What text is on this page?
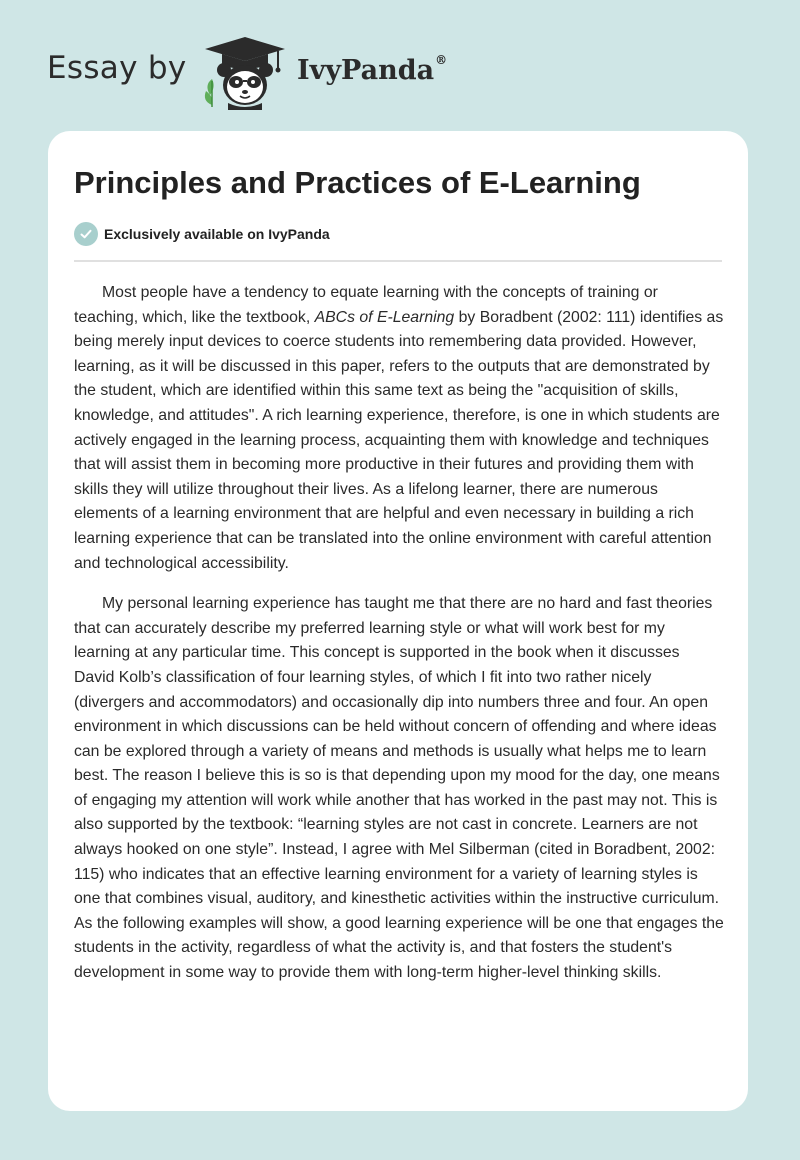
Essay by	IvyPanda®
Principles and Practices of E-Learning
Exclusively available on IvyPanda

Most people have a tendency to equate learning with the concepts of training or teaching, which, like the textbook, ABCs of E-Learning by Boradbent (2002: 111) identifies as being merely input devices to coerce students into remembering data provided. However, learning, as it will be discussed in this paper, refers to the outputs that are demonstrated by the student, which are identified within this same text as being the "acquisition of skills, knowledge, and attitudes". A rich learning experience, therefore, is one in which students are actively engaged in the learning process, acquainting them with knowledge and techniques that will assist them in becoming more productive in their futures and providing them with skills they will utilize throughout their lives. As a lifelong learner, there are numerous elements of a learning environment that are helpful and even necessary in building a rich learning experience that can be translated into the online environment with careful attention and technological accessibility.

My personal learning experience has taught me that there are no hard and fast theories that can accurately describe my preferred learning style or what will work best for my learning at any particular time. This concept is supported in the book when it discusses David Kolb’s classification of four learning styles, of which I fit into two rather nicely (divergers and accommodators) and occasionally dip into numbers three and four. An open environment in which discussions can be held without concern of offending and where ideas can be explored through a variety of means and methods is usually what helps me to learn best. The reason I believe this is so is that depending upon my mood for the day, one means of engaging my attention will work while another that has worked in the past may not. This is also supported by the textbook: “learning styles are not cast in concrete. Learners are not always hooked on one style”. Instead, I agree with Mel Silberman (cited in Boradbent, 2002: 115) who indicates that an effective learning environment for a variety of learning styles is one that combines visual, auditory, and kinesthetic activities within the instructive curriculum. As the following examples will show, a good learning experience will be one that engages the students in the activity, regardless of what the activity is, and that fosters the student's development in some way to provide them with long-term higher-level thinking skills.
